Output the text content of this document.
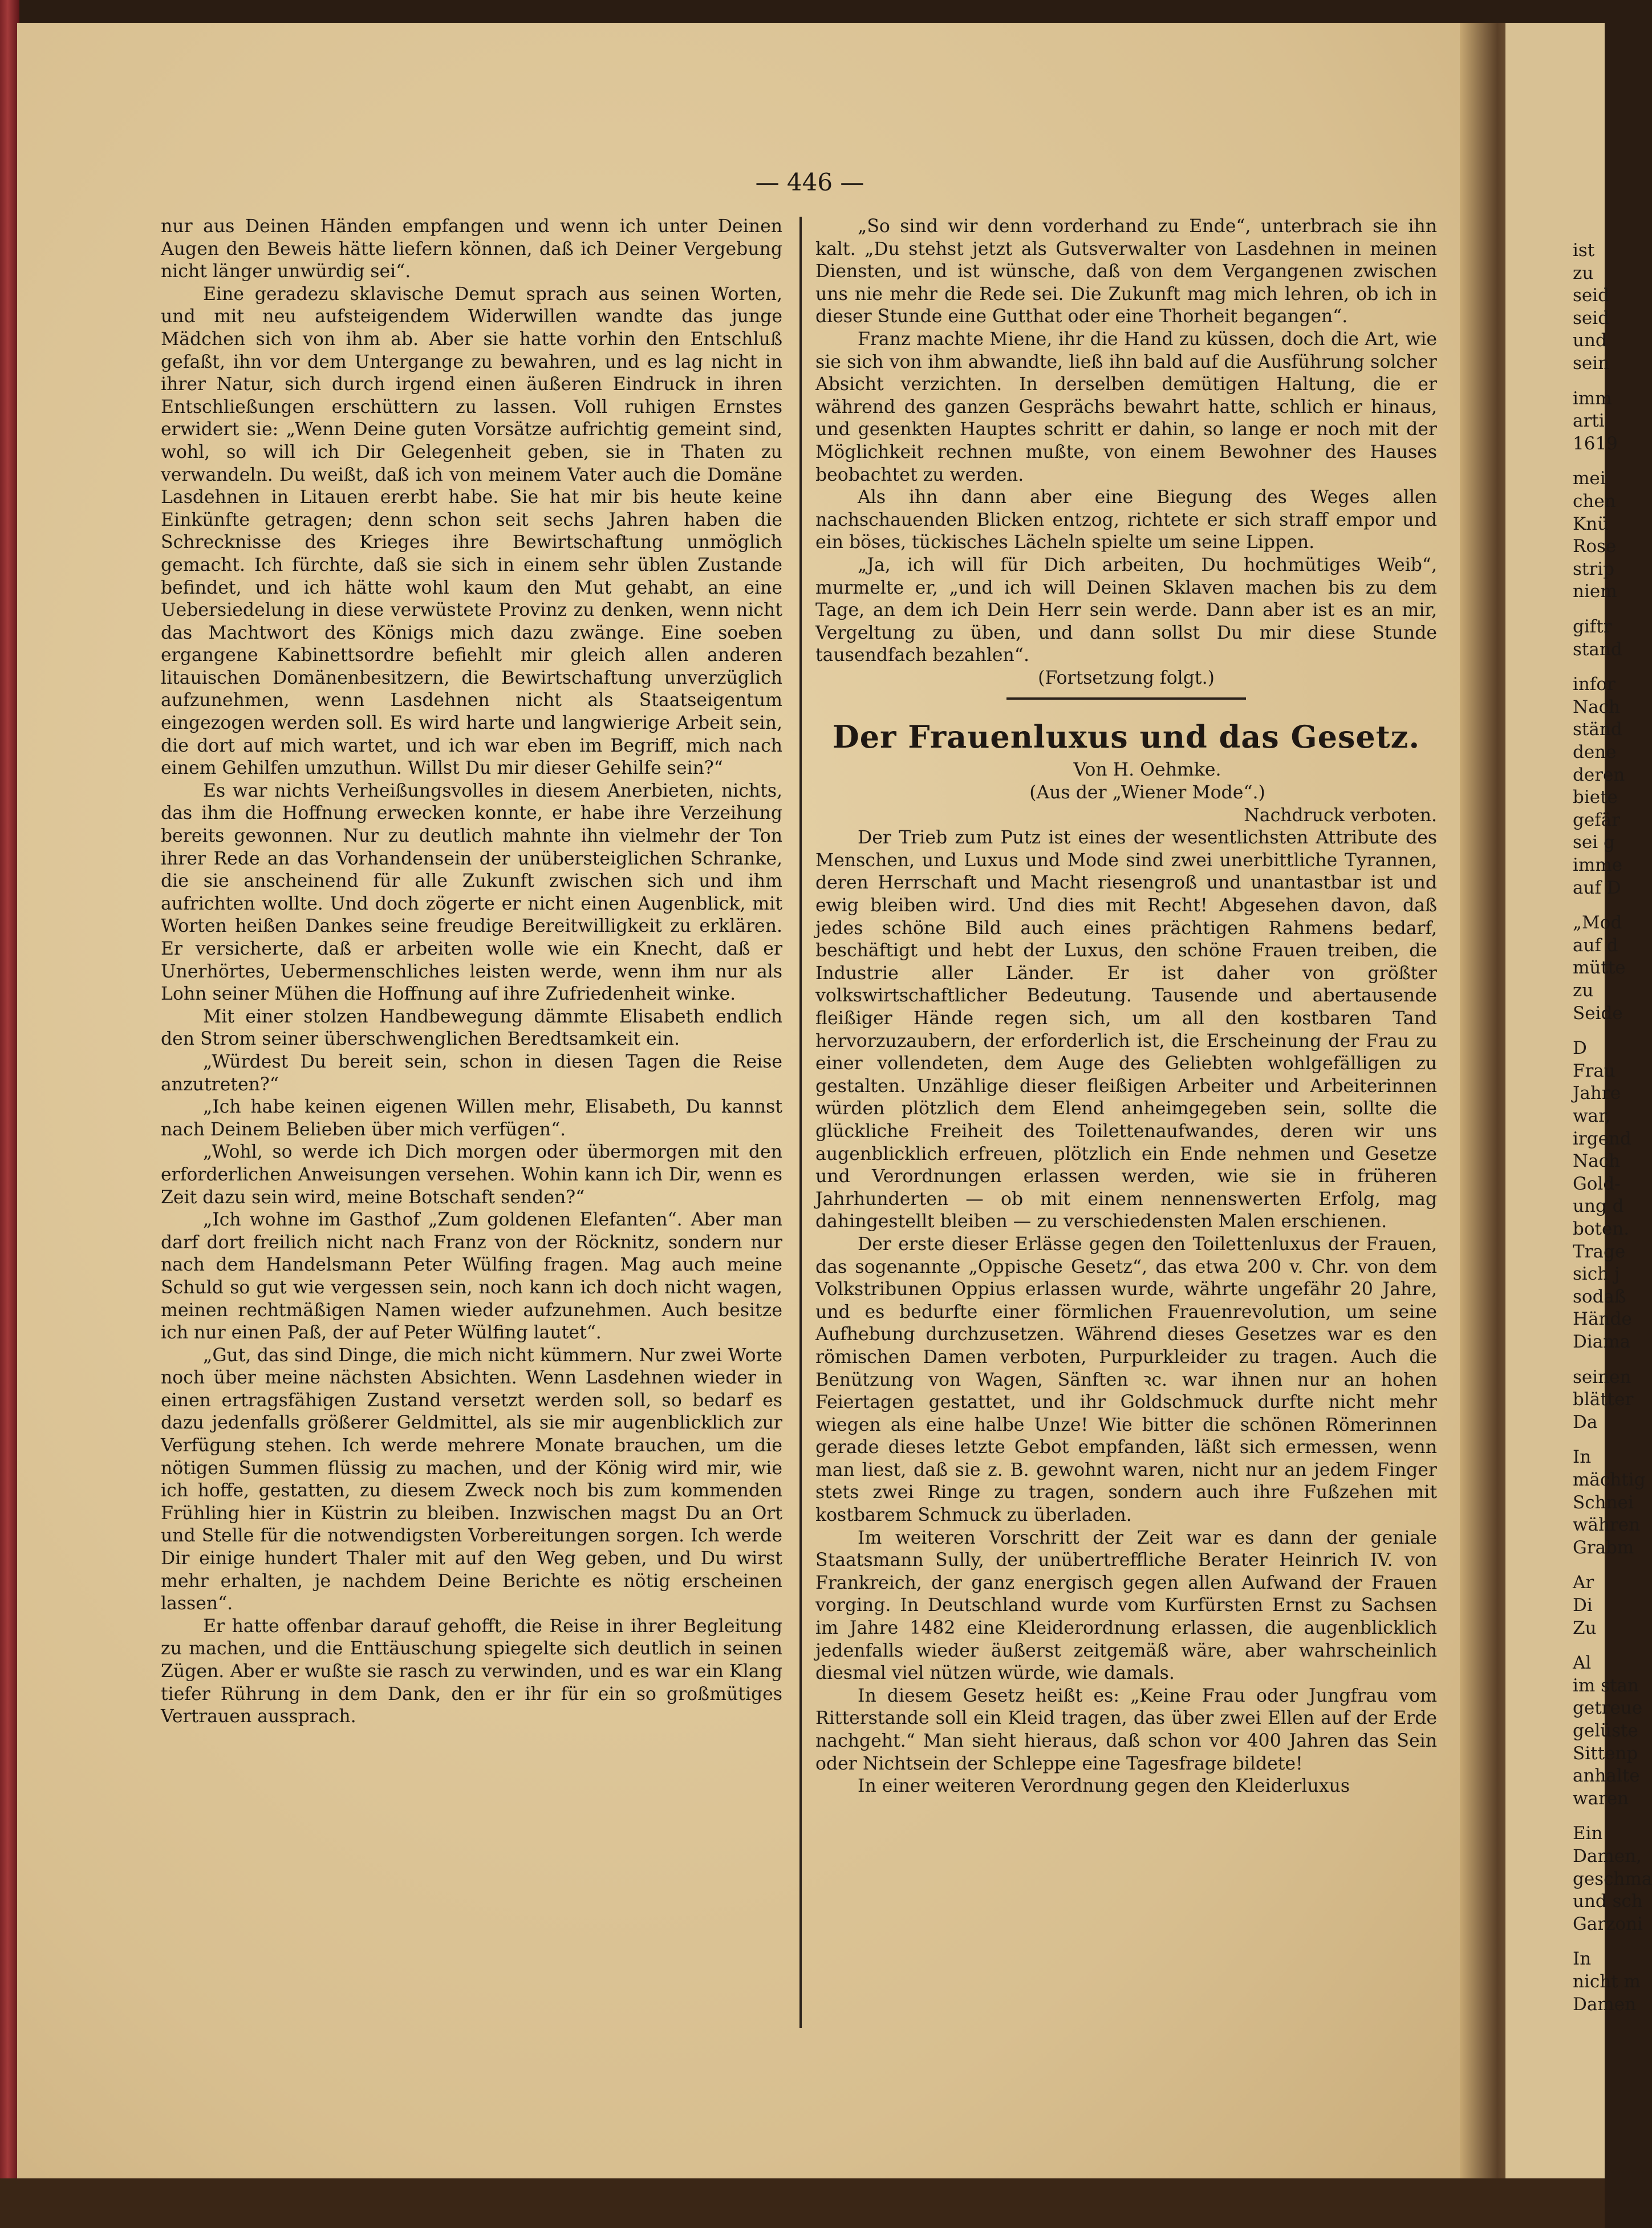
ist
zu
seid
seid
und
sein
imm
arti
1619
mei
chen
Knü
Rose
strip
niem
giftr
stand
infor
Nach
ständ
dene
deren
biete
gefär
sei g
imme
auf D
„Mod
auf d
mütte
zu
Seide
D
Frau
Jahre
war,
irgend
Nach
Gold-
ung d
boten.
Trage
sich j
sodaß
Hände
Diama
seinen
blätter
Da
In
mächtig
Schnei
währen
Grabm
Ar
Di
Zu
Al
im stan
getreue
gelüste
Sittenp
anhalte
waren
Ein
Damen,
geschma
und sch
Garzoni
In
nicht m
Damen
— 446 —

nur aus Deinen Händen empfangen und wenn ich unter Deinen Augen den Beweis hätte liefern können, daß ich Deiner Vergebung nicht länger unwürdig sei“.

Eine geradezu sklavische Demut sprach aus seinen Worten, und mit neu aufsteigendem Widerwillen wandte das junge Mädchen sich von ihm ab. Aber sie hatte vorhin den Entschluß gefaßt, ihn vor dem Untergange zu bewahren, und es lag nicht in ihrer Natur, sich durch irgend einen äußeren Eindruck in ihren Entschließungen erschüttern zu lassen. Voll ruhigen Ernstes erwidert sie: „Wenn Deine guten Vorsätze aufrichtig gemeint sind, wohl, so will ich Dir Gelegenheit geben, sie in Thaten zu verwandeln. Du weißt, daß ich von meinem Vater auch die Domäne Lasdehnen in Litauen ererbt habe. Sie hat mir bis heute keine Einkünfte getragen; denn schon seit sechs Jahren haben die Schrecknisse des Krieges ihre Bewirtschaftung unmöglich gemacht. Ich fürchte, daß sie sich in einem sehr üblen Zustande befindet, und ich hätte wohl kaum den Mut gehabt, an eine Uebersiedelung in diese verwüstete Provinz zu denken, wenn nicht das Machtwort des Königs mich dazu zwänge. Eine soeben ergangene Kabinettsordre befiehlt mir gleich allen anderen litauischen Domänenbesitzern, die Bewirtschaftung unverzüglich aufzunehmen, wenn Lasdehnen nicht als Staatseigentum eingezogen werden soll. Es wird harte und langwierige Arbeit sein, die dort auf mich wartet, und ich war eben im Begriff, mich nach einem Gehilfen umzuthun. Willst Du mir dieser Gehilfe sein?“

Es war nichts Verheißungsvolles in diesem Anerbieten, nichts, das ihm die Hoffnung erwecken konnte, er habe ihre Verzeihung bereits gewonnen. Nur zu deutlich mahnte ihn vielmehr der Ton ihrer Rede an das Vorhandensein der unübersteiglichen Schranke, die sie anscheinend für alle Zukunft zwischen sich und ihm aufrichten wollte. Und doch zögerte er nicht einen Augenblick, mit Worten heißen Dankes seine freudige Bereitwilligkeit zu erklären. Er versicherte, daß er arbeiten wolle wie ein Knecht, daß er Unerhörtes, Uebermenschliches leisten werde, wenn ihm nur als Lohn seiner Mühen die Hoffnung auf ihre Zufriedenheit winke.

Mit einer stolzen Handbewegung dämmte Elisabeth endlich den Strom seiner überschwenglichen Beredtsamkeit ein.

„Würdest Du bereit sein, schon in diesen Tagen die Reise anzutreten?“

„Ich habe keinen eigenen Willen mehr, Elisabeth, Du kannst nach Deinem Belieben über mich verfügen“.

„Wohl, so werde ich Dich morgen oder übermorgen mit den erforderlichen Anweisungen versehen. Wohin kann ich Dir, wenn es Zeit dazu sein wird, meine Botschaft senden?“

„Ich wohne im Gasthof „Zum goldenen Elefanten“. Aber man darf dort freilich nicht nach Franz von der Röcknitz, sondern nur nach dem Handelsmann Peter Wülfing fragen. Mag auch meine Schuld so gut wie vergessen sein, noch kann ich doch nicht wagen, meinen rechtmäßigen Namen wieder aufzunehmen. Auch besitze ich nur einen Paß, der auf Peter Wülfing lautet“.

„Gut, das sind Dinge, die mich nicht kümmern. Nur zwei Worte noch über meine nächsten Absichten. Wenn Lasdehnen wieder in einen ertragsfähigen Zustand versetzt werden soll, so bedarf es dazu jedenfalls größerer Geldmittel, als sie mir augenblicklich zur Verfügung stehen. Ich werde mehrere Monate brauchen, um die nötigen Summen flüssig zu machen, und der König wird mir, wie ich hoffe, gestatten, zu diesem Zweck noch bis zum kommenden Frühling hier in Küstrin zu bleiben. Inzwischen magst Du an Ort und Stelle für die notwendigsten Vorbereitungen sorgen. Ich werde Dir einige hundert Thaler mit auf den Weg geben, und Du wirst mehr erhalten, je nachdem Deine Berichte es nötig erscheinen lassen“.

Er hatte offenbar darauf gehofft, die Reise in ihrer Begleitung zu machen, und die Enttäuschung spiegelte sich deutlich in seinen Zügen. Aber er wußte sie rasch zu verwinden, und es war ein Klang tiefer Rührung in dem Dank, den er ihr für ein so großmütiges Vertrauen aussprach.

„So sind wir denn vorderhand zu Ende“, unterbrach sie ihn kalt. „Du stehst jetzt als Gutsverwalter von Lasdehnen in meinen Diensten, und ist wünsche, daß von dem Vergangenen zwischen uns nie mehr die Rede sei. Die Zukunft mag mich lehren, ob ich in dieser Stunde eine Gutthat oder eine Thorheit begangen“.

Franz machte Miene, ihr die Hand zu küssen, doch die Art, wie sie sich von ihm abwandte, ließ ihn bald auf die Ausführung solcher Absicht verzichten. In derselben demütigen Haltung, die er während des ganzen Gesprächs bewahrt hatte, schlich er hinaus, und gesenkten Hauptes schritt er dahin, so lange er noch mit der Möglichkeit rechnen mußte, von einem Bewohner des Hauses beobachtet zu werden.

Als ihn dann aber eine Biegung des Weges allen nachschauenden Blicken entzog, richtete er sich straff empor und ein böses, tückisches Lächeln spielte um seine Lippen.

„Ja, ich will für Dich arbeiten, Du hochmütiges Weib“, murmelte er, „und ich will Deinen Sklaven machen bis zu dem Tage, an dem ich Dein Herr sein werde. Dann aber ist es an mir, Vergeltung zu üben, und dann sollst Du mir diese Stunde tausendfach bezahlen“.

(Fortsetzung folgt.)

Der Frauenluxus und das Gesetz.

Von H. Oehmke.

(Aus der „Wiener Mode“.)

Nachdruck verboten.

Der Trieb zum Putz ist eines der wesentlichsten Attribute des Menschen, und Luxus und Mode sind zwei unerbittliche Tyrannen, deren Herrschaft und Macht riesengroß und unantastbar ist und ewig bleiben wird. Und dies mit Recht! Abgesehen davon, daß jedes schöne Bild auch eines prächtigen Rahmens bedarf, beschäftigt und hebt der Luxus, den schöne Frauen treiben, die Industrie aller Länder. Er ist daher von größter volkswirtschaftlicher Bedeutung. Tausende und abertausende fleißiger Hände regen sich, um all den kostbaren Tand hervorzuzaubern, der erforderlich ist, die Erscheinung der Frau zu einer vollendeten, dem Auge des Geliebten wohlgefälligen zu gestalten. Unzählige dieser fleißigen Arbeiter und Arbeiterinnen würden plötzlich dem Elend anheimgegeben sein, sollte die glückliche Freiheit des Toilettenaufwandes, deren wir uns augenblicklich erfreuen, plötzlich ein Ende nehmen und Gesetze und Verordnungen erlassen werden, wie sie in früheren Jahrhunderten — ob mit einem nennenswerten Erfolg, mag dahingestellt bleiben — zu verschiedensten Malen erschienen.

Der erste dieser Erlässe gegen den Toilettenluxus der Frauen, das sogenannte „Oppische Gesetz“, das etwa 200 v. Chr. von dem Volkstribunen Oppius erlassen wurde, währte ungefähr 20 Jahre, und es bedurfte einer förmlichen Frauenrevolution, um seine Aufhebung durchzusetzen. Während dieses Gesetzes war es den römischen Damen verboten, Purpurkleider zu tragen. Auch die Benützung von Wagen, Sänften ꝛc. war ihnen nur an hohen Feiertagen gestattet, und ihr Goldschmuck durfte nicht mehr wiegen als eine halbe Unze! Wie bitter die schönen Römerinnen gerade dieses letzte Gebot empfanden, läßt sich ermessen, wenn man liest, daß sie z. B. gewohnt waren, nicht nur an jedem Finger stets zwei Ringe zu tragen, sondern auch ihre Fußzehen mit kostbarem Schmuck zu überladen.

Im weiteren Vorschritt der Zeit war es dann der geniale Staatsmann Sully, der unübertreffliche Berater Heinrich IV. von Frankreich, der ganz energisch gegen allen Aufwand der Frauen vorging. In Deutschland wurde vom Kurfürsten Ernst zu Sachsen im Jahre 1482 eine Kleiderordnung erlassen, die augenblicklich jedenfalls wieder äußerst zeitgemäß wäre, aber wahrscheinlich diesmal viel nützen würde, wie damals.

In diesem Gesetz heißt es: „Keine Frau oder Jungfrau vom Ritterstande soll ein Kleid tragen, das über zwei Ellen auf der Erde nachgeht.“ Man sieht hieraus, daß schon vor 400 Jahren das Sein oder Nichtsein der Schleppe eine Tagesfrage bildete!

In einer weiteren Verordnung gegen den Kleiderluxus
